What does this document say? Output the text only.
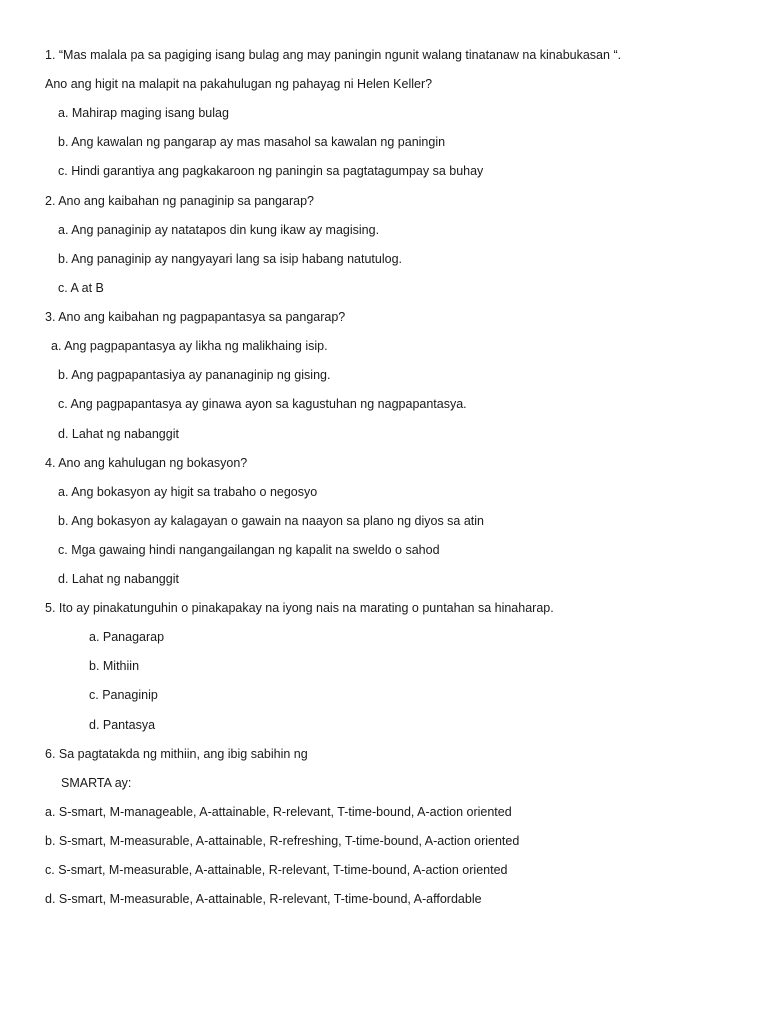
1. “Mas malala pa sa pagiging isang bulag ang may paningin ngunit walang tinatanaw na kinabukasan “.
Ano ang higit na malapit na pakahulugan ng pahayag ni Helen Keller?
a. Mahirap maging isang bulag
b. Ang kawalan ng pangarap ay mas masahol sa kawalan ng paningin
c. Hindi garantiya ang pagkakaroon ng paningin sa pagtatagumpay sa buhay
2. Ano ang kaibahan ng panaginip sa pangarap?
a. Ang panaginip ay natatapos din kung ikaw ay magising.
b. Ang panaginip ay nangyayari lang sa isip habang natutulog.
c. A at B
3. Ano ang kaibahan ng pagpapantasya sa pangarap?
a. Ang pagpapantasya ay likha ng malikhaing isip.
b. Ang pagpapantasiya ay pananaginip ng gising.
c. Ang pagpapantasya ay ginawa ayon sa kagustuhan ng nagpapantasya.
d. Lahat ng nabanggit
4. Ano ang kahulugan ng bokasyon?
a. Ang bokasyon ay higit sa trabaho o negosyo
b. Ang bokasyon ay kalagayan o gawain na naayon sa plano ng diyos sa atin
c. Mga gawaing hindi nangangailangan ng kapalit na sweldo o sahod
d. Lahat ng nabanggit
5. Ito ay pinakatunguhin o pinakapakay na iyong nais na marating o puntahan sa hinaharap.
a. Panagarap
b. Mithiin
c. Panaginip
d. Pantasya
6. Sa pagtatakda ng mithiin, ang ibig sabihin ng
SMARTA ay:
a. S-smart, M-manageable, A-attainable, R-relevant, T-time-bound, A-action oriented
b. S-smart, M-measurable, A-attainable, R-refreshing, T-time-bound, A-action oriented
c. S-smart, M-measurable, A-attainable, R-relevant, T-time-bound, A-action oriented
d. S-smart, M-measurable, A-attainable, R-relevant, T-time-bound, A-affordable
